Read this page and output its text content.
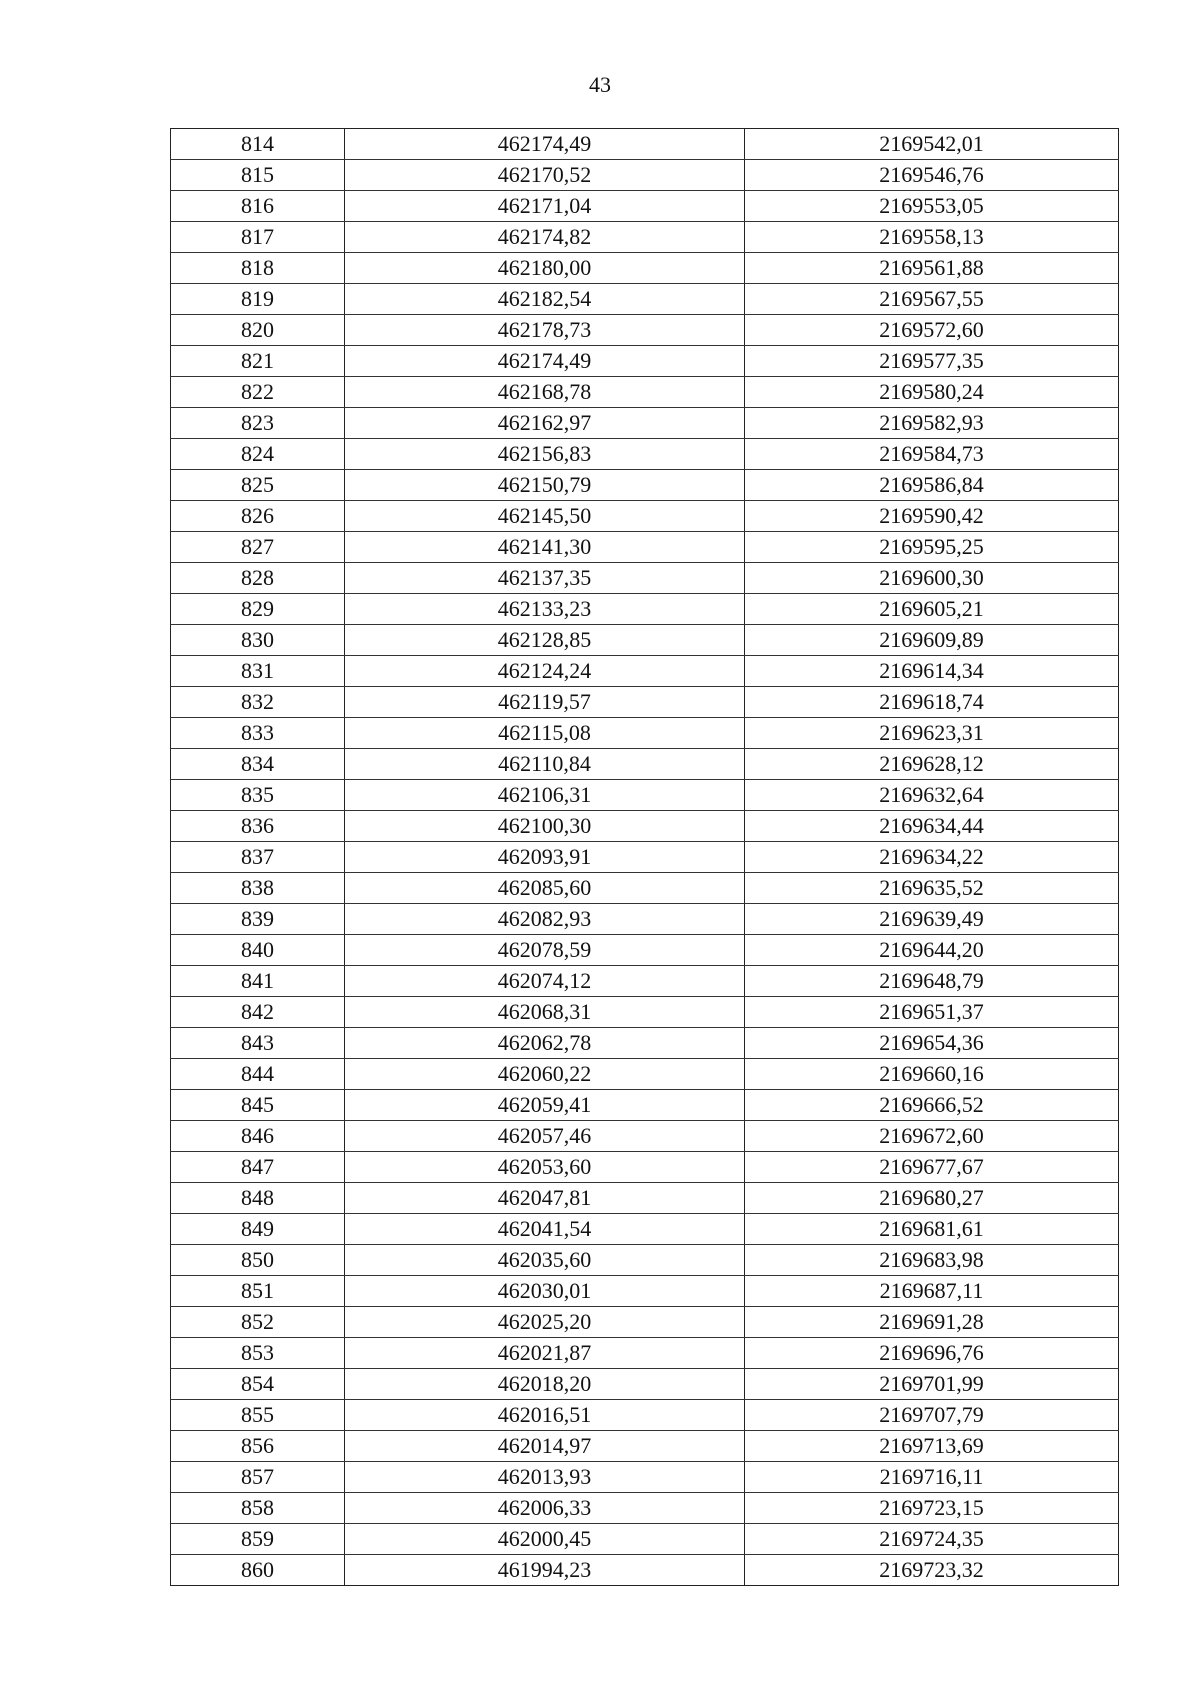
43
814	462174,49	2169542,01
815	462170,52	2169546,76
816	462171,04	2169553,05
817	462174,82	2169558,13
818	462180,00	2169561,88
819	462182,54	2169567,55
820	462178,73	2169572,60
821	462174,49	2169577,35
822	462168,78	2169580,24
823	462162,97	2169582,93
824	462156,83	2169584,73
825	462150,79	2169586,84
826	462145,50	2169590,42
827	462141,30	2169595,25
828	462137,35	2169600,30
829	462133,23	2169605,21
830	462128,85	2169609,89
831	462124,24	2169614,34
832	462119,57	2169618,74
833	462115,08	2169623,31
834	462110,84	2169628,12
835	462106,31	2169632,64
836	462100,30	2169634,44
837	462093,91	2169634,22
838	462085,60	2169635,52
839	462082,93	2169639,49
840	462078,59	2169644,20
841	462074,12	2169648,79
842	462068,31	2169651,37
843	462062,78	2169654,36
844	462060,22	2169660,16
845	462059,41	2169666,52
846	462057,46	2169672,60
847	462053,60	2169677,67
848	462047,81	2169680,27
849	462041,54	2169681,61
850	462035,60	2169683,98
851	462030,01	2169687,11
852	462025,20	2169691,28
853	462021,87	2169696,76
854	462018,20	2169701,99
855	462016,51	2169707,79
856	462014,97	2169713,69
857	462013,93	2169716,11
858	462006,33	2169723,15
859	462000,45	2169724,35
860	461994,23	2169723,32
